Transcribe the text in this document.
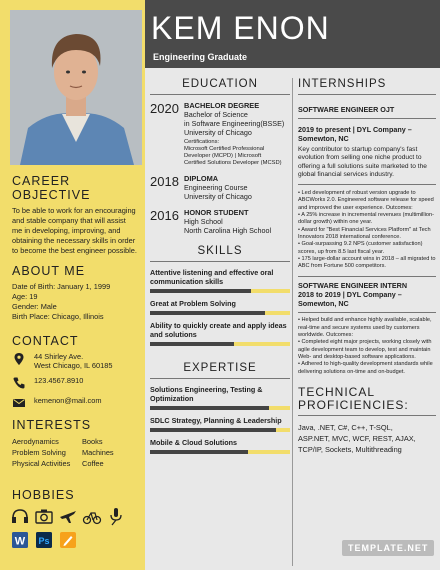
CAREER OBJECTIVE
To be able to work for an encouraging and stable company that will assist me in developing, improving, and obtaining the necessary skills in order to become the best engineer possible.
ABOUT ME
Date of Birth: January 1, 1999
Age: 19
Gender: Male
Birth Place: Chicago, Illinois
CONTACT
44 Shirley Ave.
West Chicago, IL 60185
123.4567.8910
kemenon@mail.com
INTERESTS
Aerodynamics	Books
Problem Solving	Machines
Physical Activities	Coffee
HOBBIES
W Ps
KEM ENON
Engineering Graduate
EDUCATION
2020 BACHELOR DEGREE
Bachelor of Science
in Software Engineering(BSSE)
University of Chicago
Certifications:
Microsoft Certified Professional
Developer (MCPD) | Microsoft
Certified Solutions Developer (MCSD)
2018 DIPLOMA
Engineering Course
University of Chicago
2016 HONOR STUDENT
High School
North Carolina High School
SKILLS
Attentive listening and effective oral communication skills
Great at Problem Solving
Ability to quickly create and apply ideas and solutions
EXPERTISE
Solutions Engineering, Testing & Optimization
SDLC Strategy, Planning & Leadership
Mobile & Cloud Solutions
INTERNSHIPS
SOFTWARE ENGINEER OJT
2019 to present | DYL Company – Somewton, NC
Key contributor to startup company's fast evolution from selling one niche product to offering a full solutions suite marketed to the global financial services industry.
• Led development of robust version upgrade to ABCWorks 2.0. Engineered software release for speed and improved the user experience. Outcomes:
• A 25% increase in incremental revenues (multimillion-dollar growth) within one year.
• Award for "Best Financial Services Platform" at Tech Innovators 2018 international conference.
• Goal-surpassing 9.2 NPS (customer satisfaction) scores, up from 8.5 last fiscal year.
• 175 large-dollar account wins in 2018 – all migrated to ABC from Fortune 500 competitors.
SOFTWARE ENGINEER INTERN
2018 to 2019 | DYL Company – Somewton, NC
• Helped build and enhance highly available, scalable, real-time and secure systems used by customers worldwide. Outcomes:
• Completed eight major projects, working closely with agile development team to develop, test and maintain Web- and desktop-based software applications.
• Adhered to high-quality development standards while delivering solutions on-time and on-budget.
TECHNICAL PROFICIENCIES:
Java, .NET, C#, C++, T-SQL,
ASP.NET, MVC, WCF, REST, AJAX,
TCP/IP, Sockets, Multithreading
TEMPLATE.NET
